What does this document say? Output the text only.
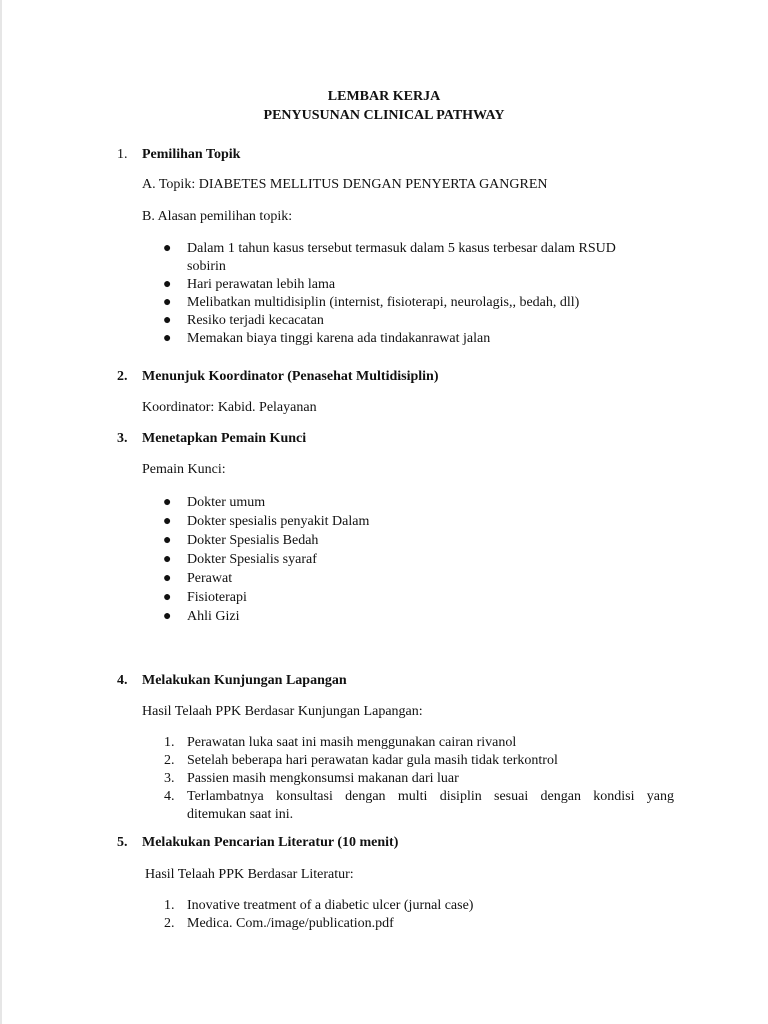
LEMBAR KERJA
PENYUSUNAN CLINICAL PATHWAY
1. Pemilihan Topik
A. Topik: DIABETES MELLITUS DENGAN PENYERTA GANGREN
B. Alasan pemilihan topik:
● Dalam 1 tahun kasus tersebut termasuk dalam 5 kasus terbesar dalam RSUD
sobirin
● Hari perawatan lebih lama
● Melibatkan multidisiplin (internist, fisioterapi, neurolagis,, bedah, dll)
● Resiko terjadi kecacatan
● Memakan biaya tinggi karena ada tindakanrawat jalan
2. Menunjuk Koordinator (Penasehat Multidisiplin)
Koordinator: Kabid. Pelayanan
3. Menetapkan Pemain Kunci
Pemain Kunci:
● Dokter umum
● Dokter spesialis penyakit Dalam
● Dokter Spesialis Bedah
● Dokter Spesialis syaraf
● Perawat
● Fisioterapi
● Ahli Gizi
4. Melakukan Kunjungan Lapangan
Hasil Telaah PPK Berdasar Kunjungan Lapangan:
1. Perawatan luka saat ini masih menggunakan cairan rivanol
2. Setelah beberapa hari perawatan kadar gula masih tidak terkontrol
3. Passien masih mengkonsumsi makanan dari luar
4. Terlambatnya konsultasi dengan multi disiplin sesuai dengan kondisi yang
ditemukan saat ini.
5. Melakukan Pencarian Literatur (10 menit)
Hasil Telaah PPK Berdasar Literatur:
1. Inovative treatment of a diabetic ulcer (jurnal case)
2. Medica. Com./image/publication.pdf
